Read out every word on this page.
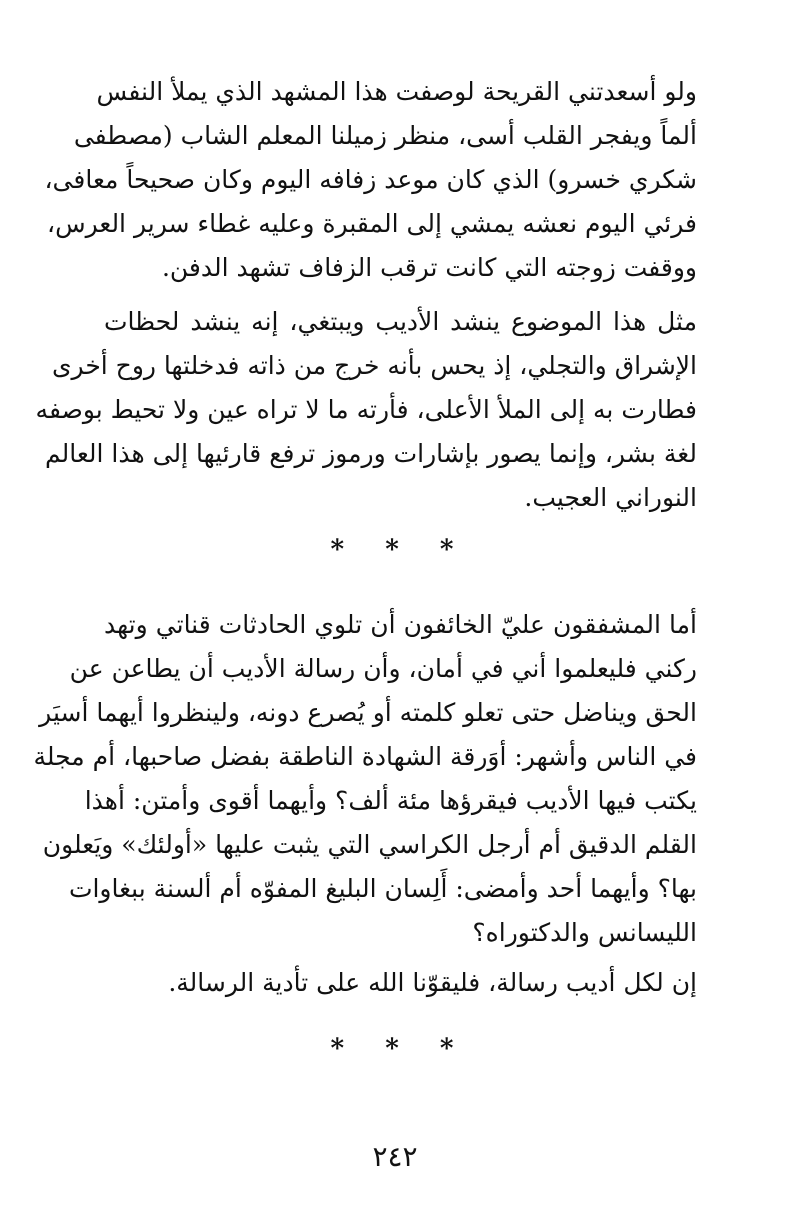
ولو أسعدتني القريحة لوصفت هذا المشهد الذي يملأ النفس
ألماً ويفجر القلب أسى، منظر زميلنا المعلم الشاب (مصطفى
شكري خسرو) الذي كان موعد زفافه اليوم وكان صحيحاً معافى،
فرئي اليوم نعشه يمشي إلى المقبرة وعليه غطاء سرير العرس،
ووقفت زوجته التي كانت ترقب الزفاف تشهد الدفن.

مثل هذا الموضوع ينشد الأديب ويبتغي، إنه ينشد لحظات
الإشراق والتجلي، إذ يحس بأنه خرج من ذاته فدخلتها روح أخرى
فطارت به إلى الملأ الأعلى، فأرته ما لا تراه عين ولا تحيط بوصفه
لغة بشر، وإنما يصور بإشارات ورموز ترفع قارئيها إلى هذا العالم
النوراني العجيب.

* * *

أما المشفقون عليّ الخائفون أن تلوي الحادثات قناتي وتهد
ركني فليعلموا أني في أمان، وأن رسالة الأديب أن يطاعن عن
الحق ويناضل حتى تعلو كلمته أو يُصرع دونه، ولينظروا أيهما أسيَر
في الناس وأشهر: أوَرقة الشهادة الناطقة بفضل صاحبها، أم مجلة
يكتب فيها الأديب فيقرؤها مئة ألف؟ وأيهما أقوى وأمتن: أهذا
القلم الدقيق أم أرجل الكراسي التي يثبت عليها «أولئك» ويَعلون
بها؟ وأيهما أحد وأمضى: أَلِسان البليغ المفوّه أم ألسنة ببغاوات
الليسانس والدكتوراه؟

إن لكل أديب رسالة، فليقوّنا الله على تأدية الرسالة.

* * *
٢٤٢
